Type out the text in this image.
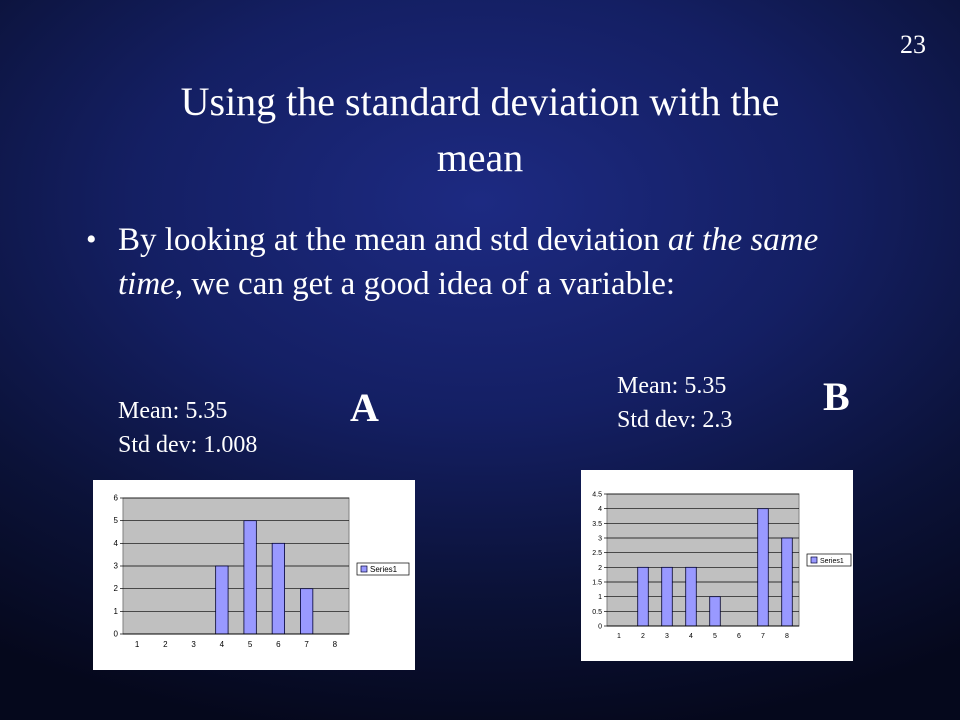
23
Using the standard deviation with the
mean
• By looking at the mean and std deviation at the same time, we can get a good idea of a variable:
Mean: 5.35
Std dev: 1.008
A	Mean: 5.35
Std dev: 2.3
B
0
1
2
3
4
5
6
1	2	3	4	5	6	7	8
Series1
0
0.5
1
1.5
2
2.5
3
3.5
4
4.5
1	2	3	4	5	6	7	8
Series1
